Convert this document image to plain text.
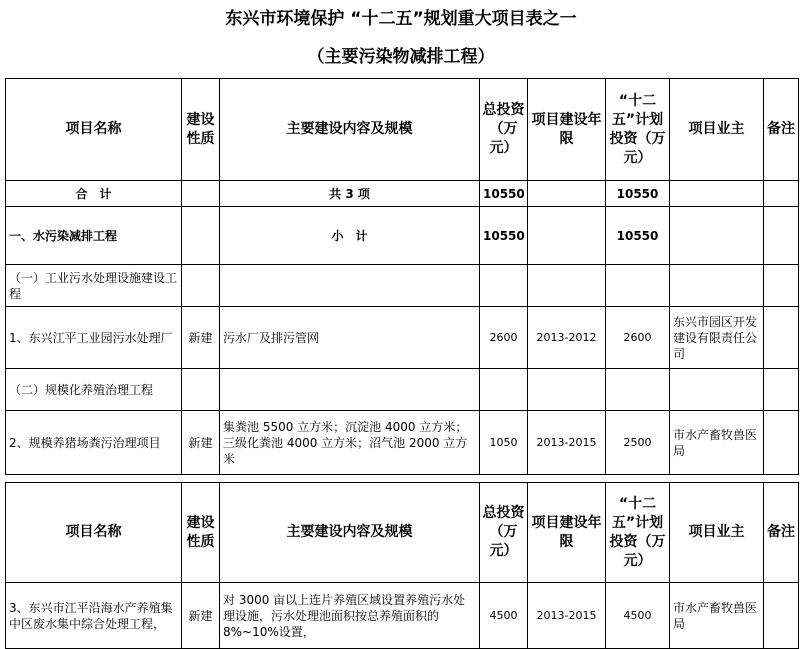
东兴市环境保护 “十二五”规划重大项目表之一
（主要污染物减排工程）
项目名称	建设性质	主要建设内容及规模	总投资（万元）	项目建设年限	“十二五”计划投资（万元）	项目业主	备注
合　计		共 3 项	10550		10550		
一、水污染减排工程		小　计	10550		10550		
（一）工业污水处理设施建设工程							
1、东兴江平工业园污水处理厂	新建	污水厂及排污管网	2600	2013-2012	2600	东兴市园区开发建设有限责任公司	
（二）规模化养殖治理工程							
2、规模养猪场粪污治理项目	新建	集粪池 5500 立方米；沉淀池 4000 立方米；三级化粪池 4000 立方米；沼气池 2000 立方米	1050	2013-2015	2500	市水产畜牧兽医局	
项目名称	建设性质	主要建设内容及规模	总投资（万元）	项目建设年限	“十二五”计划投资（万元）	项目业主	备注
3、东兴市江平沿海水产养殖集中区废水集中综合处理工程，	新建	对 3000 亩以上连片养殖区域设置养殖污水处理设施，污水处理池面积按总养殖面积的 8%~10%设置，	4500	2013-2015	4500	市水产畜牧兽医局	
